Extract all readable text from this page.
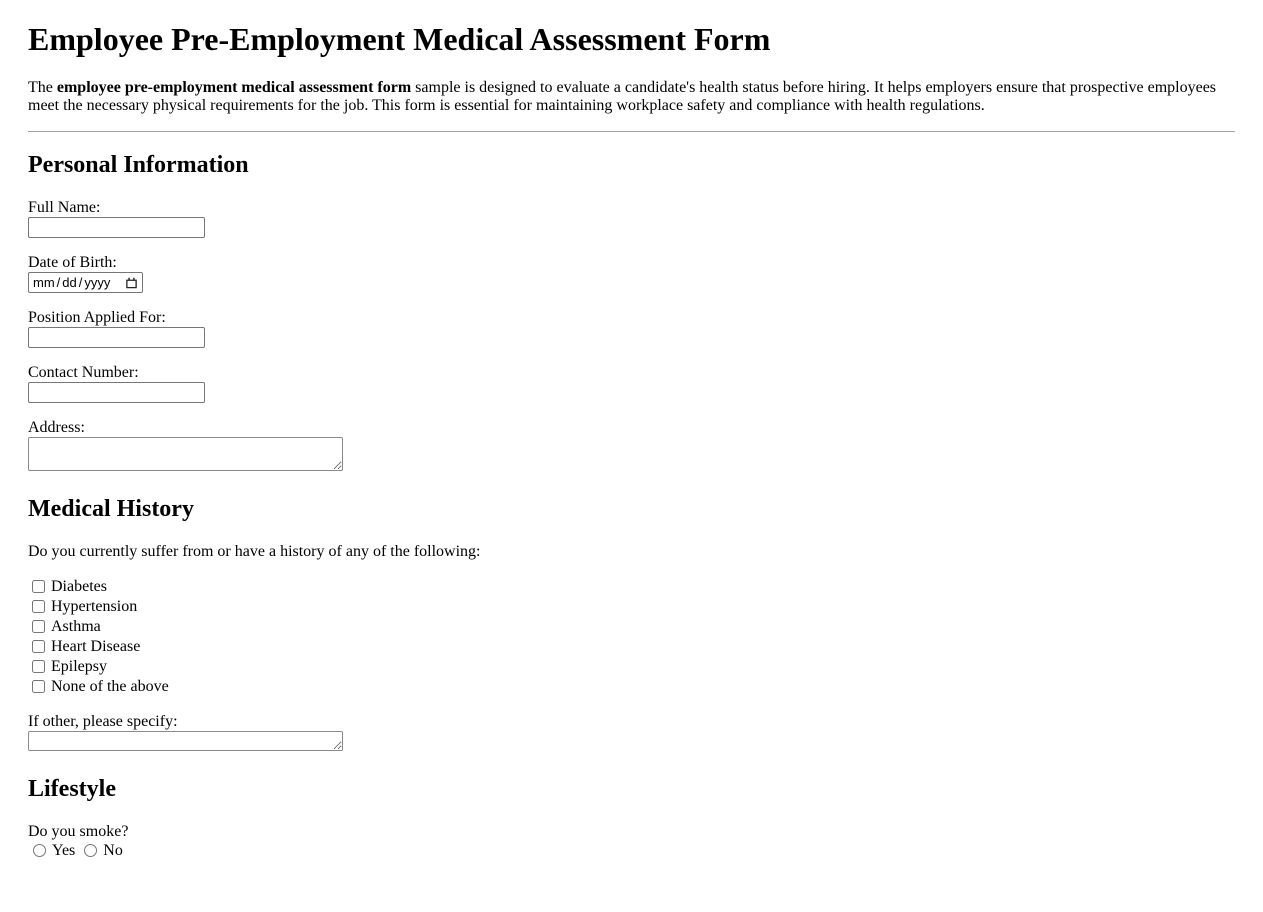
Employee Pre-Employment Medical Assessment Form

The employee pre-employment medical assessment form sample is designed to evaluate a candidate's health status before hiring. It helps employers ensure that prospective employees meet the necessary physical requirements for the job. This form is essential for maintaining workplace safety and compliance with health regulations.

Personal Information

Full Name:

Date of Birth:

mm / dd / yyyy

Position Applied For:

Contact Number:

Address:

Medical History

Do you currently suffer from or have a history of any of the following:

Diabetes
Hypertension
Asthma
Heart Disease
Epilepsy
None of the above

If other, please specify:

Lifestyle

Do you smoke?
Yes No
